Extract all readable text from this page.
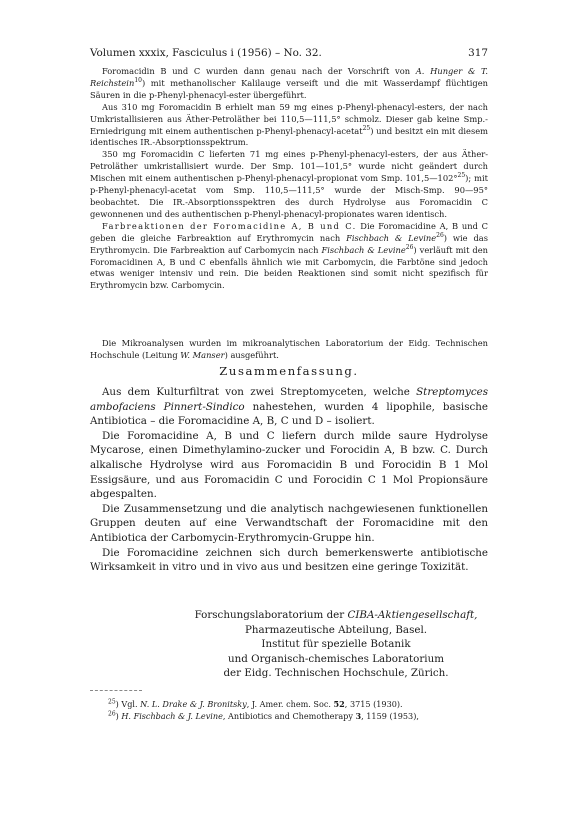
Volumen xxxix, Fasciculus i (1956) – No. 32.	317

Foromacidin B und C wurden dann genau nach der Vorschrift von A. Hunger & T. Reichstein$^{10}$) mit methanolischer Kalilauge verseift und die mit Wasserdampf flüchtigen Säuren in die p-Phenyl-phenacyl-ester übergeführt.

Aus 310 mg Foromacidin B erhielt man 59 mg eines p-Phenyl-phenacyl-esters, der nach Umkristallisieren aus Äther-Petroläther bei 110,5—111,5° schmolz. Dieser gab keine Smp.-Erniedrigung mit einem authentischen p-Phenyl-phenacyl-acetat$^{25}$) und besitzt ein mit diesem identisches IR.-Absorptionsspektrum.

350 mg Foromacidin C lieferten 71 mg eines p-Phenyl-phenacyl-esters, der aus Äther-Petroläther umkristallisiert wurde. Der Smp. 101—101,5° wurde nicht geändert durch Mischen mit einem authentischen p-Phenyl-phenacyl-propionat vom Smp. 101,5—102°$^{25}$); mit p-Phenyl-phenacyl-acetat vom Smp. 110,5—111,5° wurde der Misch-Smp. 90—95° beobachtet. Die IR.-Absorptionsspektren des durch Hydrolyse aus Foromacidin C gewonnenen und des authentischen p-Phenyl-phenacyl-propionates waren identisch.

Farbreaktionen der Foromacidine A, B und C. Die Foromacidine A, B und C geben die gleiche Farbreaktion auf Erythromycin nach Fischbach & Levine$^{26}$) wie das Erythromycin. Die Farbreaktion auf Carbomycin nach Fischbach & Levine$^{26}$) verläuft mit den Foromacidinen A, B und C ebenfalls ähnlich wie mit Carbomycin, die Farbtöne sind jedoch etwas weniger intensiv und rein. Die beiden Reaktionen sind somit nicht spezifisch für Erythromycin bzw. Carbomycin.

Die Mikroanalysen wurden im mikroanalytischen Laboratorium der Eidg. Technischen Hochschule (Leitung W. Manser) ausgeführt.

Zusammenfassung.

Aus dem Kulturfiltrat von zwei Streptomyceten, welche Streptomyces ambofaciens Pinnert-Sindico nahestehen, wurden 4 lipophile, basische Antibiotica – die Foromacidine A, B, C und D – isoliert.

Die Foromacidine A, B und C liefern durch milde saure Hydrolyse Mycarose, einen Dimethylamino-zucker und Forocidin A, B bzw. C. Durch alkalische Hydrolyse wird aus Foromacidin B und Forocidin B 1 Mol Essigsäure, und aus Foromacidin C und Forocidin C 1 Mol Propionsäure abgespalten.

Die Zusammensetzung und die analytisch nachgewiesenen funktionellen Gruppen deuten auf eine Verwandtschaft der Foromacidine mit den Antibiotica der Carbomycin-Erythromycin-Gruppe hin.

Die Foromacidine zeichnen sich durch bemerkenswerte antibiotische Wirksamkeit in vitro und in vivo aus und besitzen eine geringe Toxizität.

Forschungslaboratorium der CIBA-Aktiengesellschaft,
Pharmazeutische Abteilung, Basel.
Institut für spezielle Botanik
und Organisch-chemisches Laboratorium
der Eidg. Technischen Hochschule, Zürich.
$^{25}$) Vgl. N. L. Drake & J. Bronitsky, J. Amer. chem. Soc. 52, 3715 (1930).
$^{26}$) H. Fischbach & J. Levine, Antibiotics and Chemotherapy 3, 1159 (1953),
